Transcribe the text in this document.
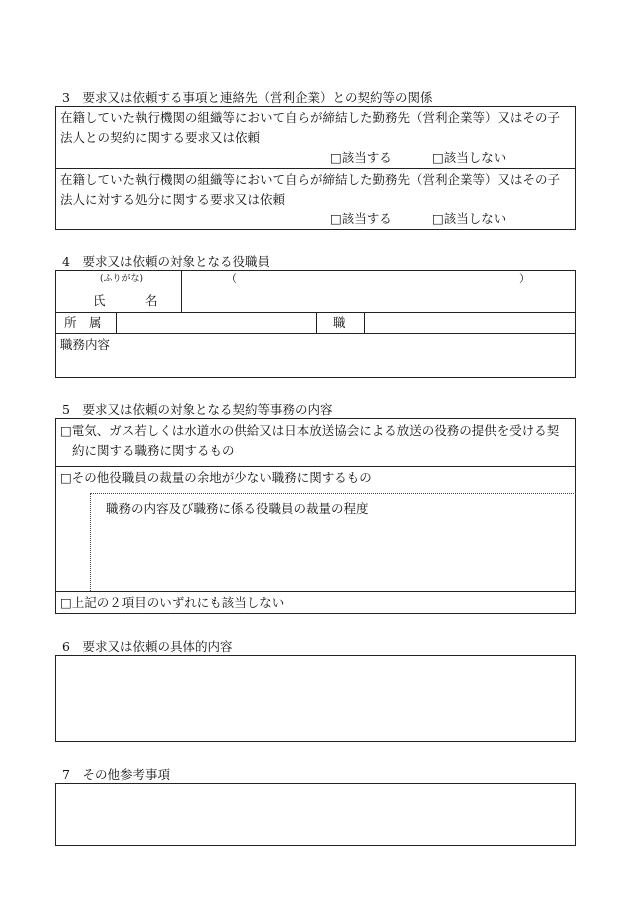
3　要求又は依頼する事項と連絡先（営利企業）との契約等の関係
在籍していた執行機関の組織等において自らが締結した勤務先（営利企業等）又はその子
法人との契約に関する要求又は依頼
□該当する	□該当しない
在籍していた執行機関の組織等において自らが締結した勤務先（営利企業等）又はその子
法人に対する処分に関する要求又は依頼
□該当する	□該当しない
4　要求又は依頼の対象となる役職員
(ふりがな)	（	）
氏	名
所　属	職
職務内容
5　要求又は依頼の対象となる契約等事務の内容
□電気、ガス若しくは水道水の供給又は日本放送協会による放送の役務の提供を受ける契
約に関する職務に関するもの
□その他役職員の裁量の余地が少ない職務に関するもの
職務の内容及び職務に係る役職員の裁量の程度
□上記の２項目のいずれにも該当しない
6　要求又は依頼の具体的内容
7　その他参考事項
